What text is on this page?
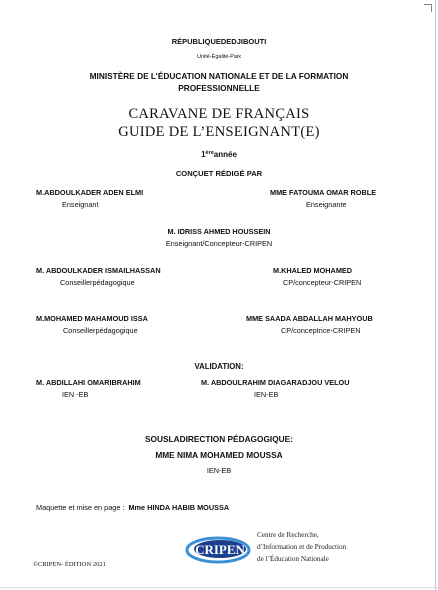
RÉPUBLIQUEDEDJIBOUTI
Unité-Égalité-Paix
MINISTÈRE DE L’ÉDUCATION NATIONALE ET DE LA FORMATION
PROFESSIONNELLE
CARAVANE DE FRANÇAIS
GUIDE DE L’ENSEIGNANT(E)
1èreannée
CONÇUET RÉDIGÉ PAR
M.ABDOULKADER ADEN ELMI
Enseignant
MME FATOUMA OMAR ROBLE
Enseignante
M. IDRISS AHMED HOUSSEIN
Enseignant/Concepteur-CRIPEN
M. ABDOULKADER ISMAILHASSAN
Conseillerpédagogique
M.KHALED MOHAMED
CP/concepteur-CRIPEN
M.MOHAMED MAHAMOUD ISSA
Conseillerpédagogique
MME SAADA ABDALLAH MAHYOUB
CP/conceptrice-CRIPEN
VALIDATION:
M. ABDILLAHI OMARIBRAHIM
IEN -EB
M. ABDOULRAHIM DIAGARADJOU VELOU
IEN-EB
SOUSLADIRECTION PÉDAGOGIQUE:
MME NIMA MOHAMED MOUSSA
IEN-EB
Maquette et mise en page : Mme HINDA HABIB MOUSSA
CRIPEN
Centre de Recherche,
d’Information et de Production
de l’Éducation Nationale
©CRIPEN- ÉDITION 2021
